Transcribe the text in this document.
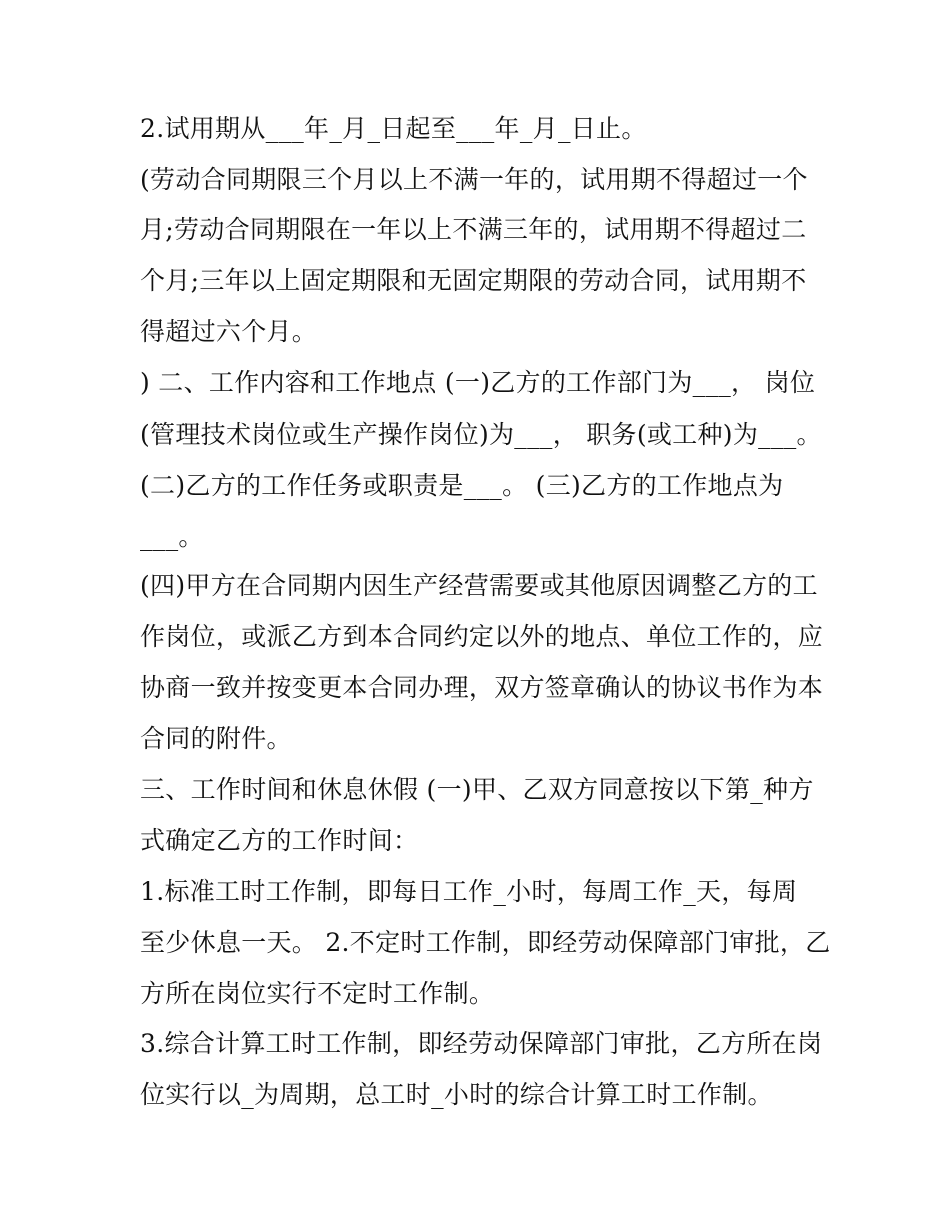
2.试用期从___年_月_日起至___年_月_日止。

(劳动合同期限三个月以上不满一年的，试用期不得超过一个

月;劳动合同期限在一年以上不满三年的，试用期不得超过二

个月;三年以上固定期限和无固定期限的劳动合同，试用期不

得超过六个月。

) 二、工作内容和工作地点 (一)乙方的工作部门为___， 岗位

(管理技术岗位或生产操作岗位)为___， 职务(或工种)为___。

(二)乙方的工作任务或职责是___。 (三)乙方的工作地点为

___。

(四)甲方在合同期内因生产经营需要或其他原因调整乙方的工

作岗位，或派乙方到本合同约定以外的地点、单位工作的，应

协商一致并按变更本合同办理，双方签章确认的协议书作为本

合同的附件。

三、工作时间和休息休假 (一)甲、乙双方同意按以下第_种方

式确定乙方的工作时间：

1.标准工时工作制，即每日工作_小时，每周工作_天，每周

至少休息一天。 2.不定时工作制，即经劳动保障部门审批，乙

方所在岗位实行不定时工作制。

3.综合计算工时工作制，即经劳动保障部门审批，乙方所在岗

位实行以_为周期，总工时_小时的综合计算工时工作制。
